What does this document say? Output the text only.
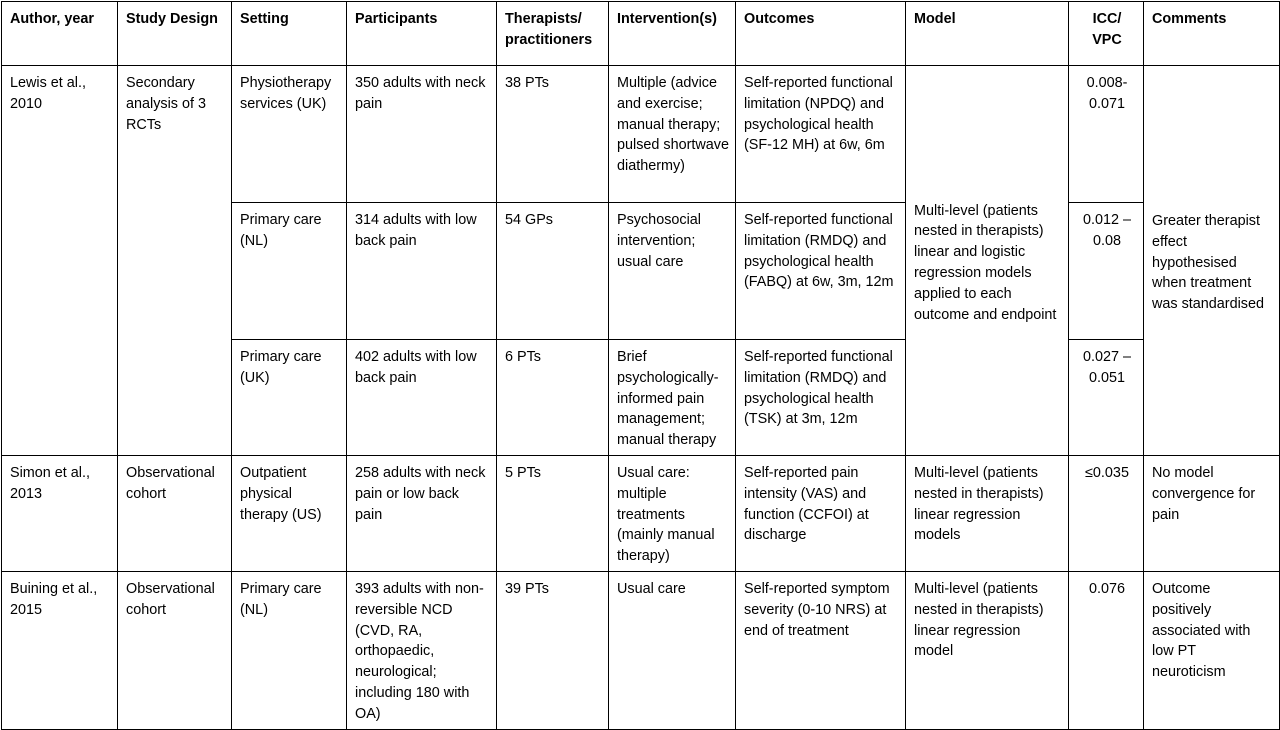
Author, year	Study Design	Setting	Participants	Therapists/ practitioners	Intervention(s)	Outcomes	Model	ICC/ VPC	Comments
Lewis et al., 2010	Secondary analysis of 3 RCTs	Physiotherapy services (UK)	350 adults with neck pain	38 PTs	Multiple (advice and exercise; manual therapy; pulsed shortwave diathermy)	Self-reported functional limitation (NPDQ) and psychological health (SF-12 MH) at 6w, 6m	Multi-level (patients nested in therapists) linear and logistic regression models applied to each outcome and endpoint	0.008-0.071	Greater therapist effect hypothesised when treatment was standardised
		Primary care (NL)	314 adults with low back pain	54 GPs	Psychosocial intervention; usual care	Self-reported functional limitation (RMDQ) and psychological health (FABQ) at 6w, 3m, 12m		0.012 – 0.08	
		Primary care (UK)	402 adults with low back pain	6 PTs	Brief psychologically-informed pain management; manual therapy	Self-reported functional limitation (RMDQ) and psychological health (TSK) at 3m, 12m		0.027 – 0.051	
Simon et al., 2013	Observational cohort	Outpatient physical therapy (US)	258 adults with neck pain or low back pain	5 PTs	Usual care: multiple treatments (mainly manual therapy)	Self-reported pain intensity (VAS) and function (CCFOI) at discharge	Multi-level (patients nested in therapists) linear regression models	≤0.035	No model convergence for pain
Buining et al., 2015	Observational cohort	Primary care (NL)	393 adults with non-reversible NCD (CVD, RA, orthopaedic, neurological; including 180 with OA)	39 PTs	Usual care	Self-reported symptom severity (0-10 NRS) at end of treatment	Multi-level (patients nested in therapists) linear regression model	0.076	Outcome positively associated with low PT neuroticism
